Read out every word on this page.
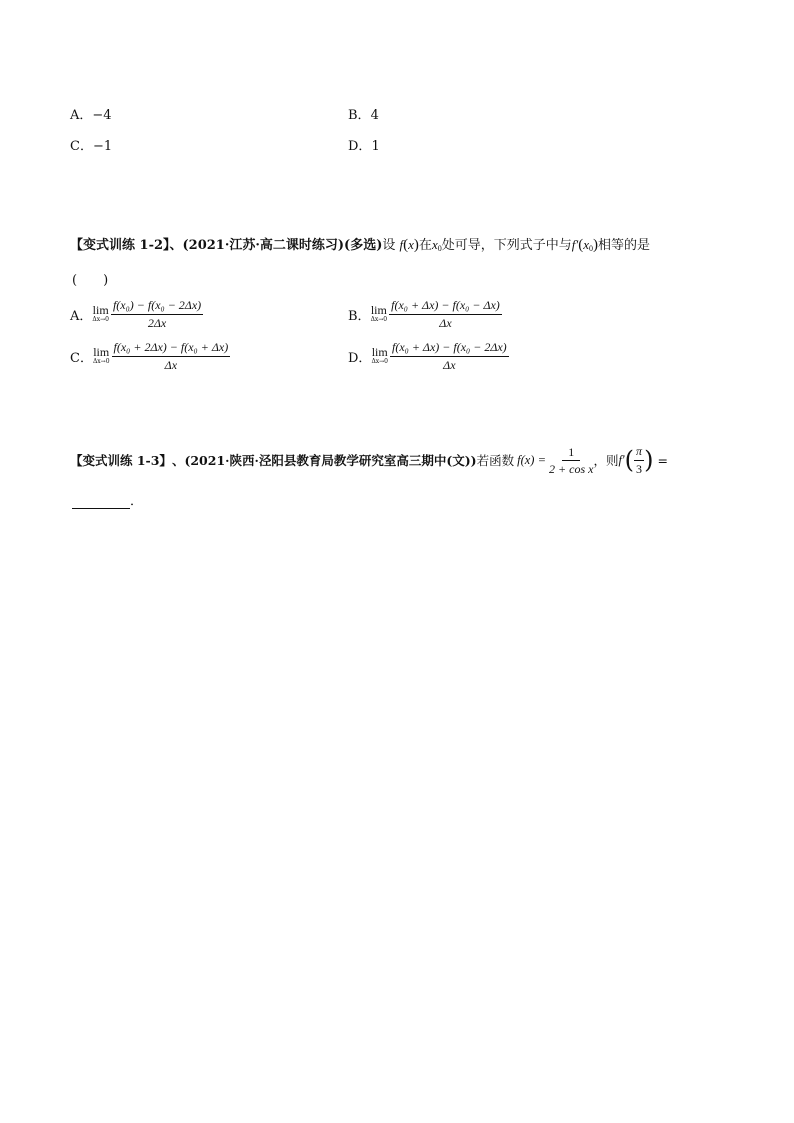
A．−4	B．4
C．−1	D．1
【变式训练 1-2】、(2021·江苏·高二课时练习)(多选)设 f(x)在$x_0$处可导，下列式子中与$f'(x_0)$相等的是
(　　)
A． lim
$\Delta x\to 0 \frac{\text{f(x₀) − f(x₀ − 2Δx)}}{2\Delta x}$	B． lim
$\Delta x\to 0 \frac{\text{f(x₀ + Δx) − f(x₀ − Δx)}}{\Delta x}$
C． lim
$\Delta x\to 0 \frac{\text{f(x₀ + 2Δx) − f(x₀ + Δx)}}{\Delta x}$	D． lim
$\Delta x\to 0 \frac{\text{f(x₀ + Δx) − f(x₀ − 2Δx)}}{\Delta x}$
【变式训练 1-3】 、(2021·陕西·泾阳县教育局教学研究室高三期中(文)) 若函数 $f(x) = \frac{1}{\text{2 + cos x}}$ ，则 f′ ( $\frac{\pi}{3}$ ) =
．
